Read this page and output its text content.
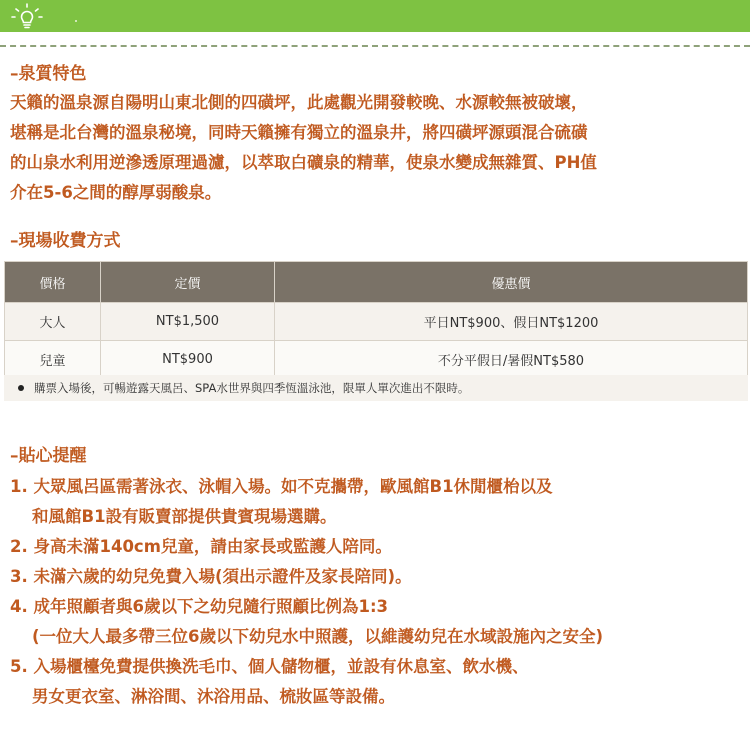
–泉質特色
天籟的溫泉源自陽明山東北側的四磺坪，此處觀光開發較晚、水源較無被破壞，
堪稱是北台灣的溫泉秘境，同時天籟擁有獨立的溫泉井，將四磺坪源頭混合硫磺
的山泉水利用逆滲透原理過濾，以萃取白礦泉的精華，使泉水變成無雜質、PH值
介在5-6之間的醇厚弱酸泉。
–現場收費方式
價格	定價	優惠價
大人	NT$1,500	平日NT$900、假日NT$1200
兒童	NT$900	不分平假日/暑假NT$580
購票入場後，可暢遊露天風呂、SPA水世界與四季恆溫泳池，限單人單次進出不限時。
–貼心提醒
1. 大眾風呂區需著泳衣、泳帽入場。如不克攜帶，歐風館B1休閒櫃枱以及
和風館B1設有販賣部提供貴賓現場選購。
2. 身高未滿140cm兒童，請由家長或監護人陪同。
3. 未滿六歲的幼兒免費入場(須出示證件及家長陪同)。
4. 成年照顧者與6歲以下之幼兒隨行照顧比例為1:3
(一位大人最多帶三位6歲以下幼兒水中照護，以維護幼兒在水域設施內之安全)
5. 入場櫃檯免費提供換洗毛巾、個人儲物櫃，並設有休息室、飲水機、
男女更衣室、淋浴間、沐浴用品、梳妝區等設備。
